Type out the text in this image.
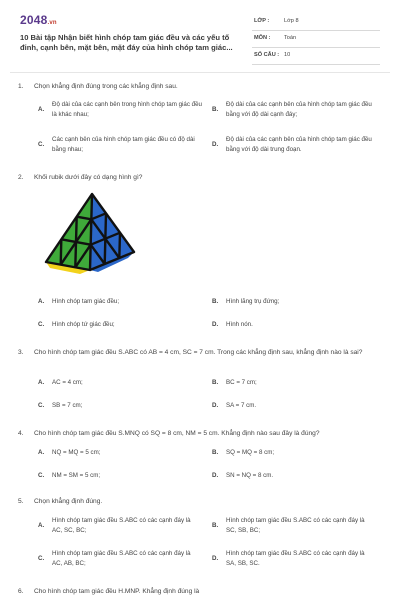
2048.vn
10 Bài tập Nhận biết hình chóp tam giác đều và các yếu tố đỉnh, cạnh bên, mặt bên, mặt đáy của hình chóp tam giác...
LỚP :	Lớp 8
MÔN : Toán
SỐ CÂU : 10
1.	Chọn khẳng định đúng trong các khẳng định sau.
A.
Độ dài của các cạnh bên trong hình chóp tam giác đều là khác nhau;
B.
Độ dài của các cạnh bên của hình chóp tam giác đều bằng với độ dài cạnh đáy;
C.
Các cạnh bên của hình chóp tam giác đều có độ dài bằng nhau;
D.
Độ dài của các cạnh bên của hình chóp tam giác đều bằng với độ dài trung đoạn.
2.	Khối rubik dưới đây có dạng hình gì?
A.	Hình chóp tam giác đều;	B.	Hình lăng trụ đứng;
C.	Hình chóp tứ giác đều;	D.	Hình nón.
3.	Cho hình chóp tam giác đều S.ABC có AB = 4 cm, SC = 7 cm. Trong các khẳng định sau, khẳng định nào là sai?
A.	AC = 4 cm;	B.	BC = 7 cm;
C.	SB = 7 cm;	D.	SA = 7 cm.
4.	Cho hình chóp tam giác đều S.MNQ có SQ = 8 cm, NM = 5 cm. Khẳng định nào sau đây là đúng?
A.	NQ = MQ = 5 cm;	B.	SQ = MQ = 8 cm;
C.	NM = SM = 5 cm;	D.	SN = NQ = 8 cm.
5.	Chọn khẳng định đúng.
A.
Hình chóp tam giác đều S.ABC có các cạnh đáy là AC, SC, BC;
B.
Hình chóp tam giác đều S.ABC có các cạnh đáy là SC, SB, BC;
C.
Hình chóp tam giác đều S.ABC có các cạnh đáy là AC, AB, BC;
D.
Hình chóp tam giác đều S.ABC có các cạnh đáy là SA, SB, SC.
6.	Cho hình chóp tam giác đều H.MNP. Khẳng định đúng là
